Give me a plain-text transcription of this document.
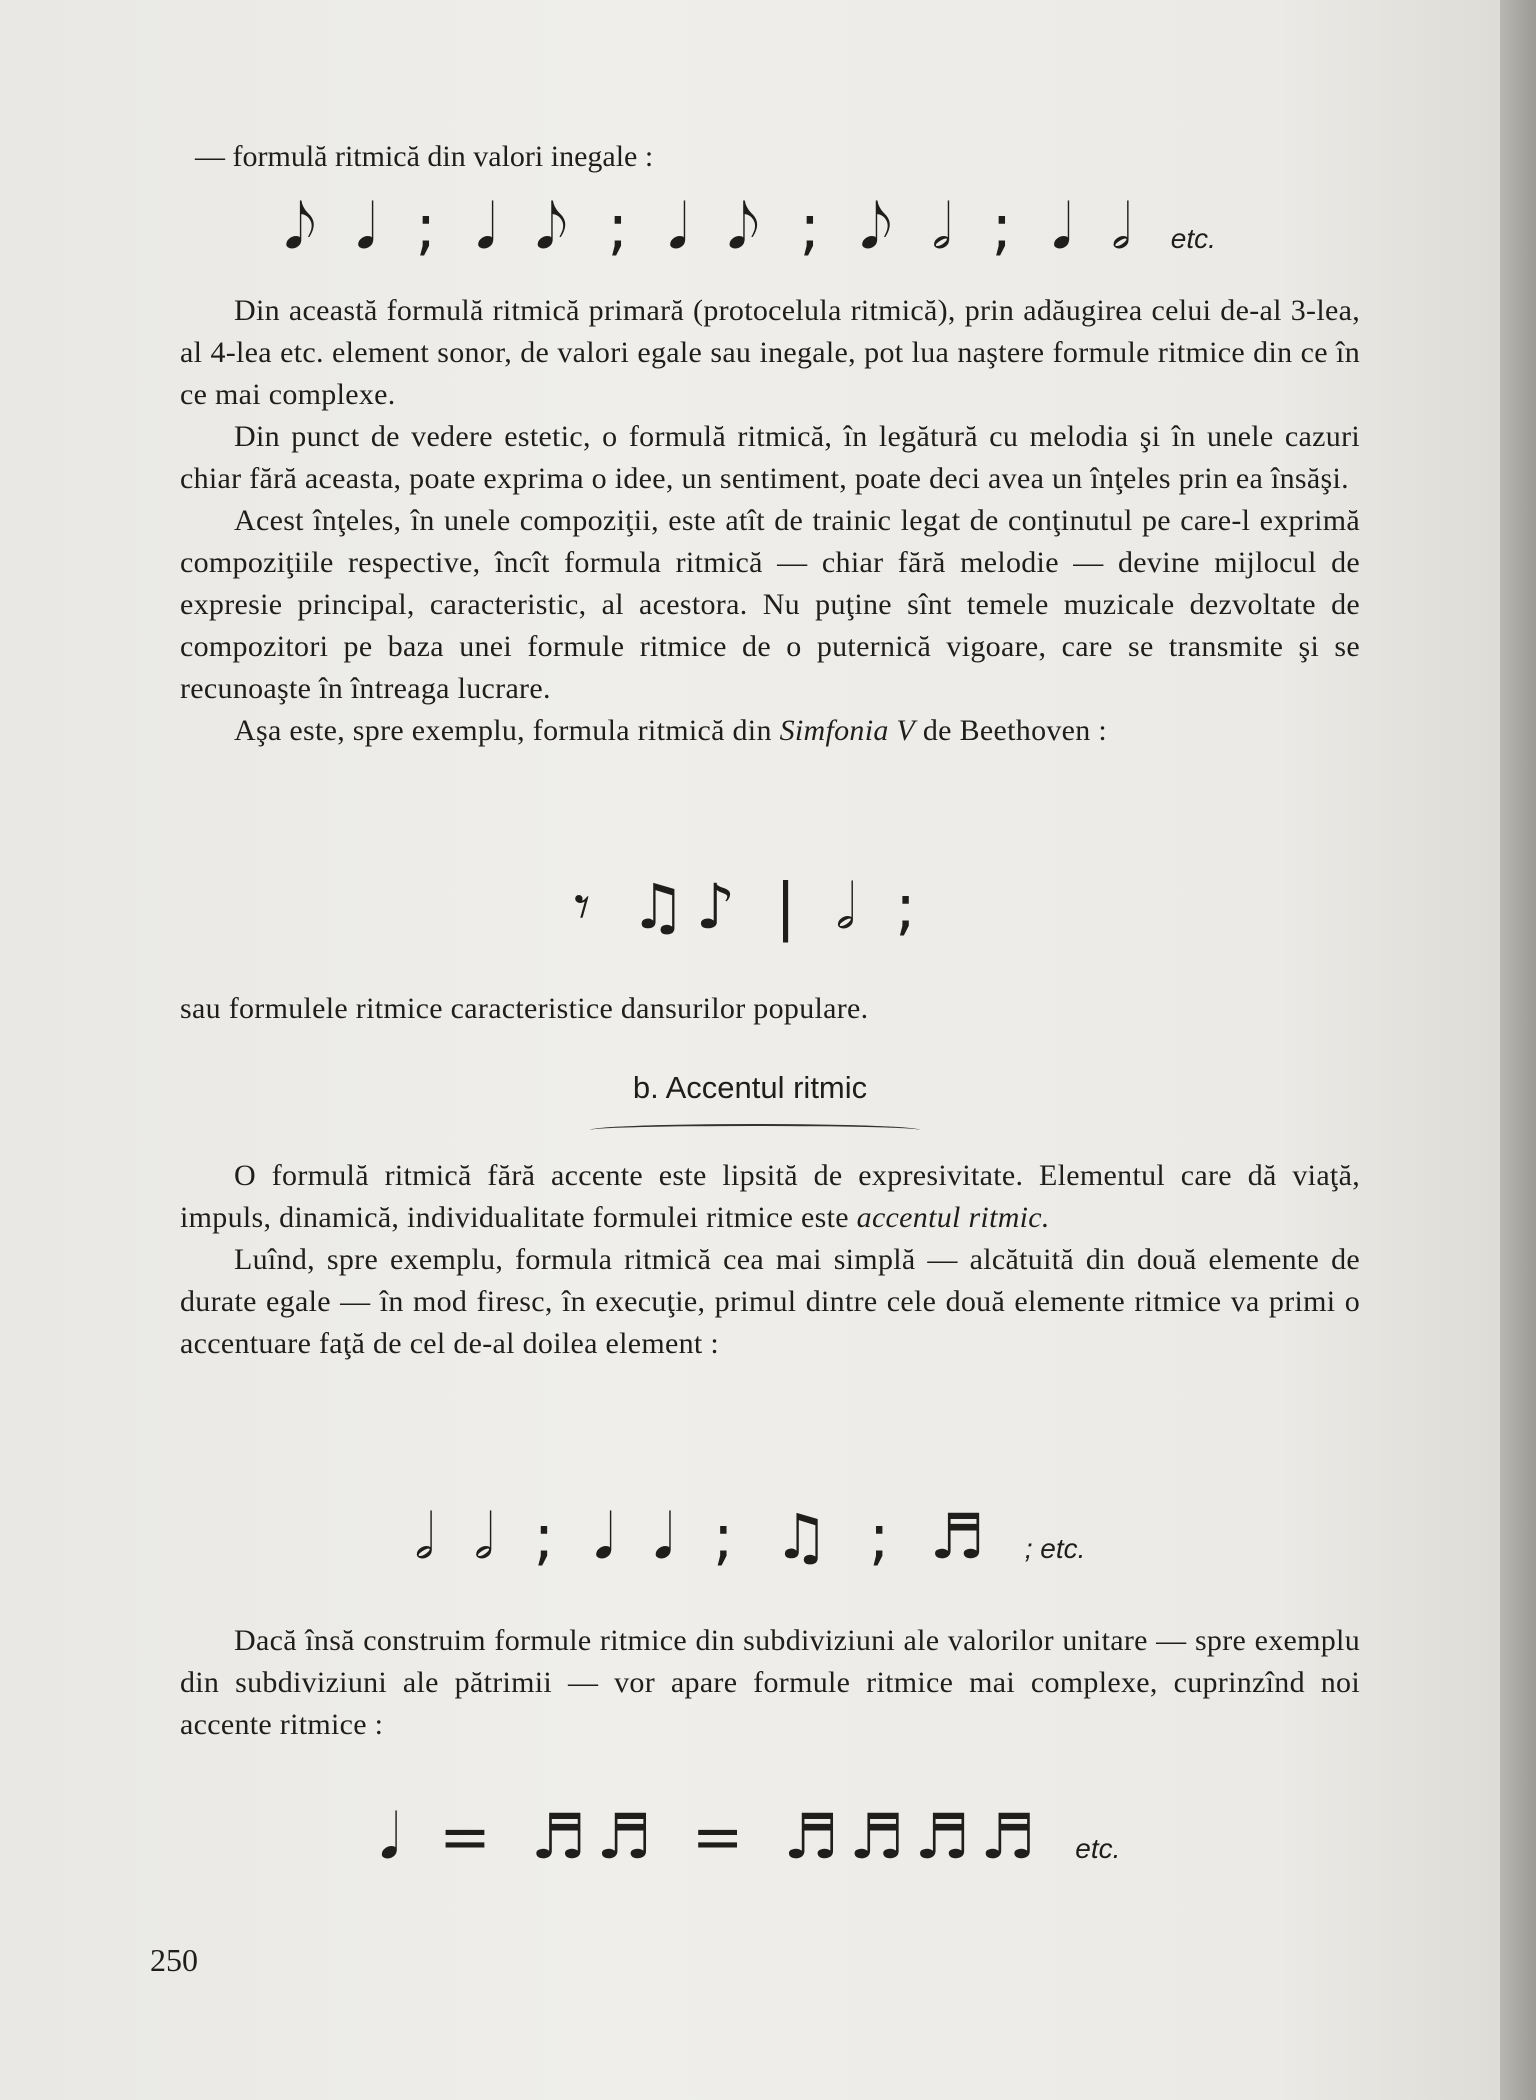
— formulă ritmică din valori inegale :
𝅘𝅥𝅮 𝅘𝅥 ; 𝅘𝅥 𝅘𝅥𝅮 ; 𝅘𝅥 𝅘𝅥𝅮 ; 𝅘𝅥𝅮 𝅗𝅥 ; 𝅘𝅥 𝅗𝅥 etc.

Din această formulă ritmică primară (protocelula ritmică), prin adăugirea celui de-al 3-lea, al 4-lea etc. element sonor, de valori egale sau inegale, pot lua naştere formule ritmice din ce în ce mai complexe.

Din punct de vedere estetic, o formulă ritmică, în legătură cu melodia şi în unele cazuri chiar fără aceasta, poate exprima o idee, un sentiment, poate deci avea un înţeles prin ea însăşi.

Acest înţeles, în unele compoziţii, este atît de trainic legat de conţinutul pe care-l exprimă compoziţiile respective, încît formula ritmică — chiar fără melodie — devine mijlocul de expresie principal, caracteristic, al acestora. Nu puţine sînt temele muzicale dezvoltate de compozitori pe baza unei formule ritmice de o puternică vigoare, care se transmite şi se recunoaşte în întreaga lucrare.

Aşa este, spre exemplu, formula ritmică din Simfonia V de Beethoven :

𝄾 ♫♪ | 𝅗𝅥 ;

sau formulele ritmice caracteristice dansurilor populare.

b. Accentul ritmic

O formulă ritmică fără accente este lipsită de expresivitate. Elementul care dă viaţă, impuls, dinamică, individualitate formulei ritmice este accentul ritmic.

Luînd, spre exemplu, formula ritmică cea mai simplă — alcătuită din două elemente de durate egale — în mod firesc, în execuţie, primul dintre cele două elemente ritmice va primi o accentuare faţă de cel de-al doilea element :

𝅗𝅥 𝅗𝅥 ; 𝅘𝅥 𝅘𝅥 ; ♫ ; ♬ ; etc.

Dacă însă construim formule ritmice din subdiviziuni ale valorilor unitare — spre exemplu din subdiviziuni ale pătrimii — vor apare formule ritmice mai complexe, cuprinzînd noi accente ritmice :

𝅘𝅥 = ♬♬ = ♬♬♬♬ etc.
250
